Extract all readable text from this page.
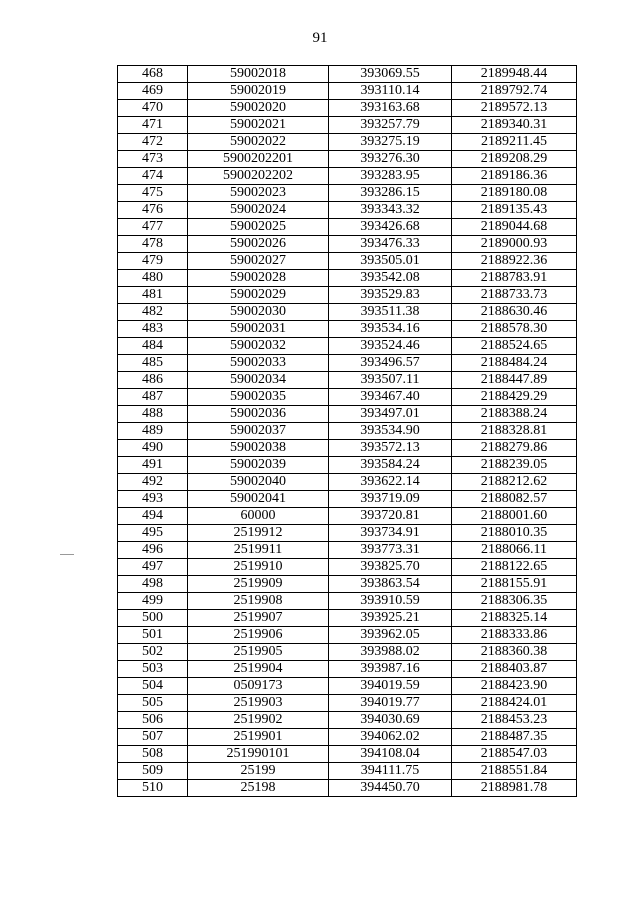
91
468	59002018	393069.55	2189948.44
469	59002019	393110.14	2189792.74
470	59002020	393163.68	2189572.13
471	59002021	393257.79	2189340.31
472	59002022	393275.19	2189211.45
473	5900202201	393276.30	2189208.29
474	5900202202	393283.95	2189186.36
475	59002023	393286.15	2189180.08
476	59002024	393343.32	2189135.43
477	59002025	393426.68	2189044.68
478	59002026	393476.33	2189000.93
479	59002027	393505.01	2188922.36
480	59002028	393542.08	2188783.91
481	59002029	393529.83	2188733.73
482	59002030	393511.38	2188630.46
483	59002031	393534.16	2188578.30
484	59002032	393524.46	2188524.65
485	59002033	393496.57	2188484.24
486	59002034	393507.11	2188447.89
487	59002035	393467.40	2188429.29
488	59002036	393497.01	2188388.24
489	59002037	393534.90	2188328.81
490	59002038	393572.13	2188279.86
491	59002039	393584.24	2188239.05
492	59002040	393622.14	2188212.62
493	59002041	393719.09	2188082.57
494	60000	393720.81	2188001.60
495	2519912	393734.91	2188010.35
496	2519911	393773.31	2188066.11
497	2519910	393825.70	2188122.65
498	2519909	393863.54	2188155.91
499	2519908	393910.59	2188306.35
500	2519907	393925.21	2188325.14
501	2519906	393962.05	2188333.86
502	2519905	393988.02	2188360.38
503	2519904	393987.16	2188403.87
504	0509173	394019.59	2188423.90
505	2519903	394019.77	2188424.01
506	2519902	394030.69	2188453.23
507	2519901	394062.02	2188487.35
508	251990101	394108.04	2188547.03
509	25199	394111.75	2188551.84
510	25198	394450.70	2188981.78
